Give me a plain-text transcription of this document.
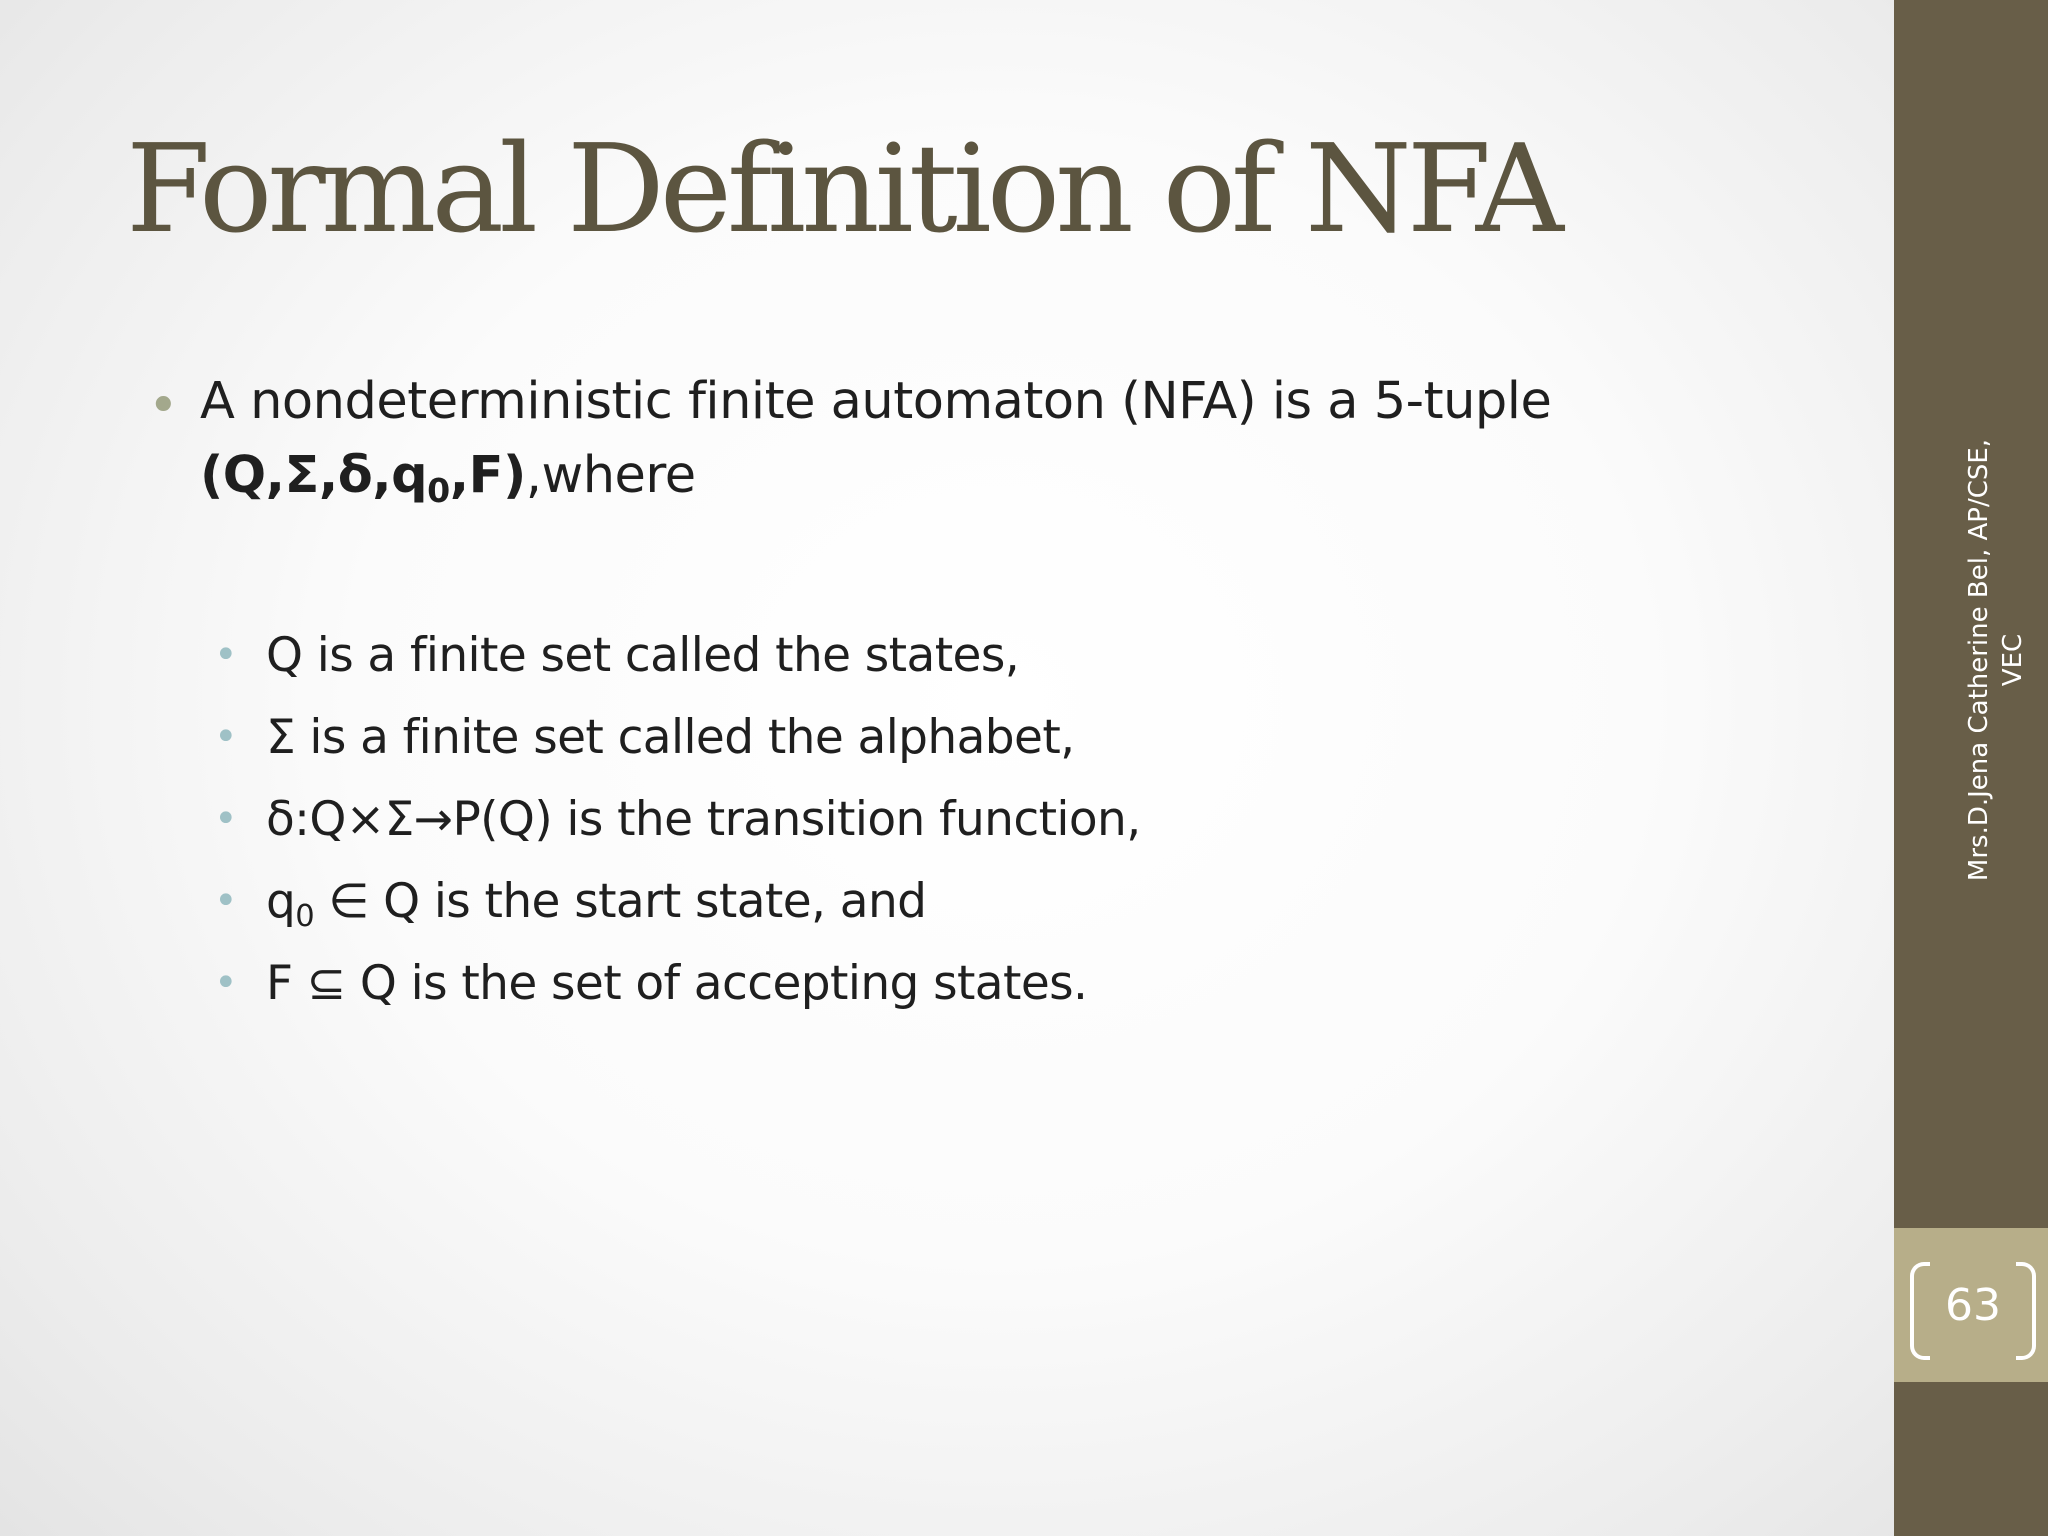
Formal Definition of NFA
• A nondeterministic finite automaton (NFA) is a 5-tuple
$(Q,\Sigma,\delta,q_0,F),where$
• Q is a finite set called the states,
• Σ is a finite set called the alphabet,
• δ:Q×Σ→P(Q) is the transition function,
• $q_0$ ∈ Q is the start state, and
• F ⊆ Q is the set of accepting states.
Mrs.D.Jena Catherine Bel, AP/CSE, VEC
63
